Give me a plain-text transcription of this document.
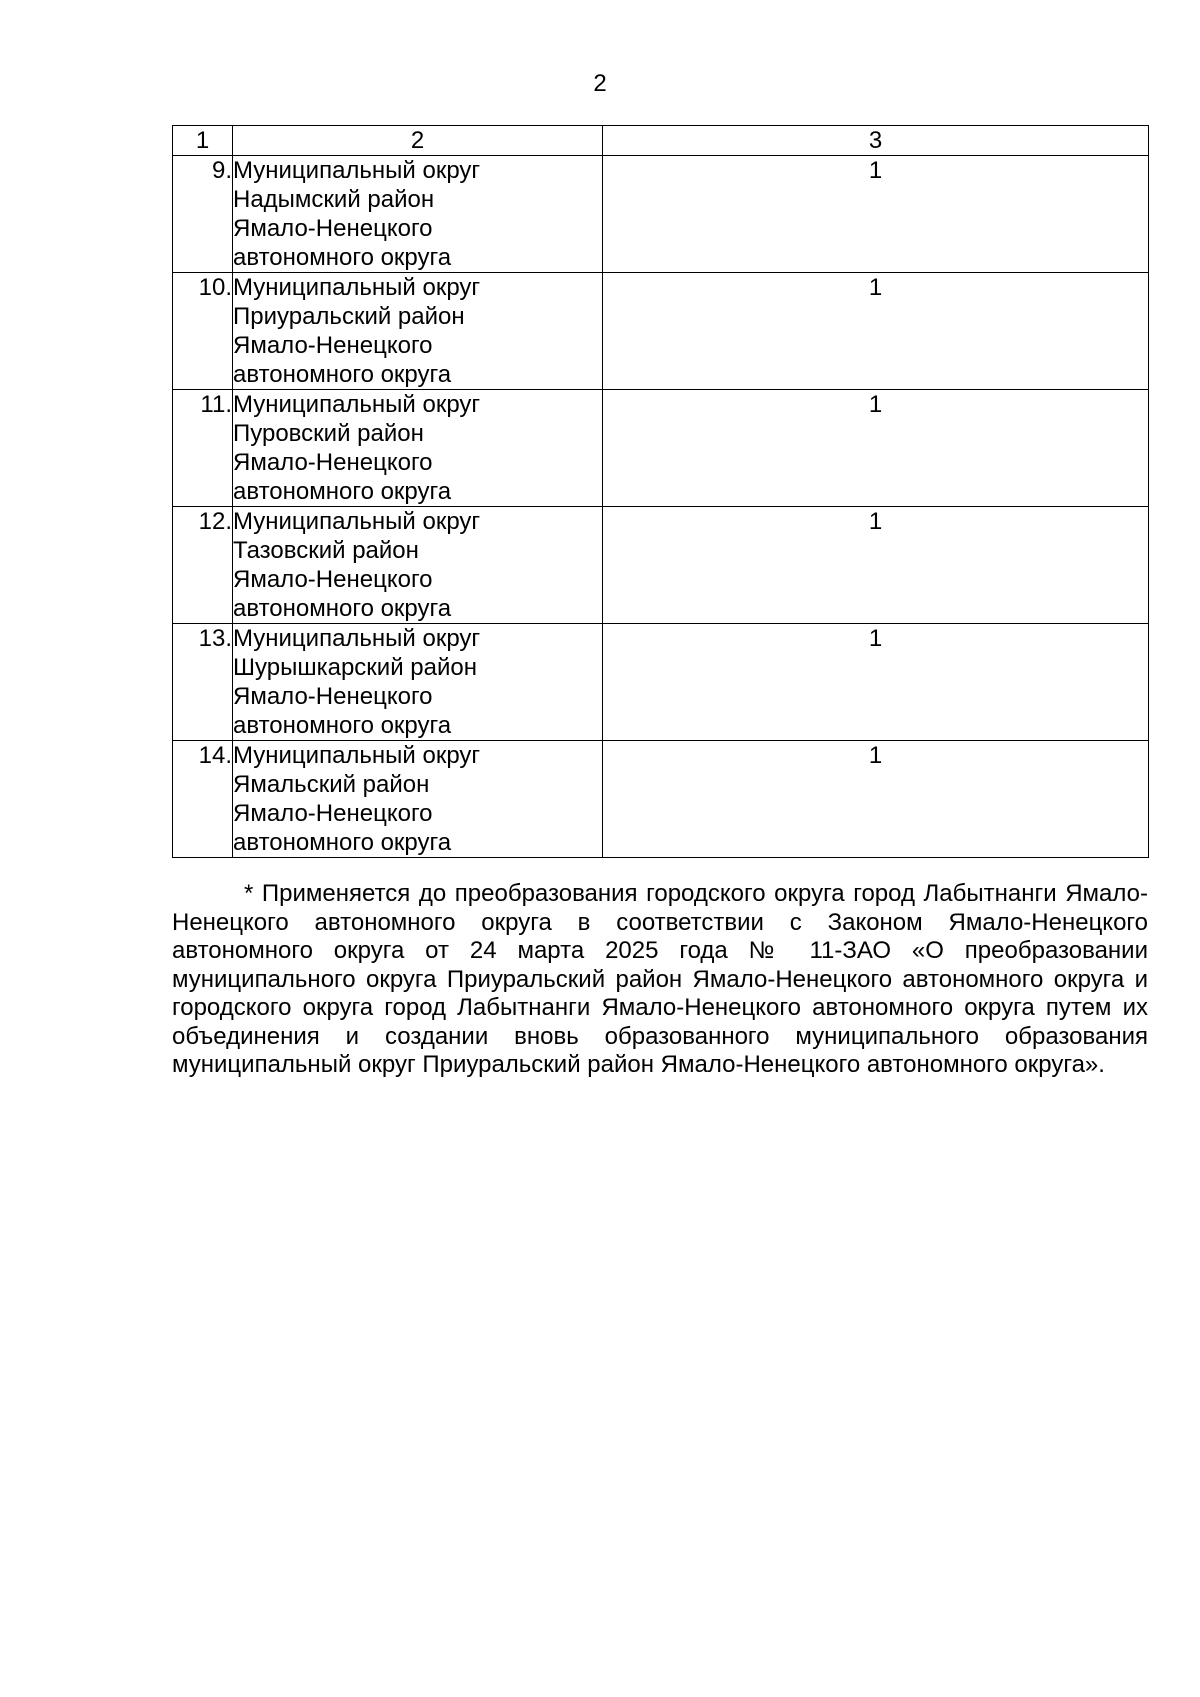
2
1	2	3
9.	Муниципальный округ
Надымский район
Ямало-Ненецкого
автономного округа	1
10.	Муниципальный округ
Приуральский район
Ямало-Ненецкого
автономного округа	1
11.	Муниципальный округ
Пуровский район
Ямало-Ненецкого
автономного округа	1
12.	Муниципальный округ
Тазовский район
Ямало-Ненецкого
автономного округа	1
13.	Муниципальный округ
Шурышкарский район
Ямало-Ненецкого
автономного округа	1
14.	Муниципальный округ
Ямальский район
Ямало-Ненецкого
автономного округа	1

* Применяется до преобразования городского округа город Лабытнанги Ямало-Ненецкого автономного округа в соответствии с Законом Ямало-Ненецкого автономного округа от 24 марта 2025 года № 11-ЗАО «О преобразовании муниципального округа Приуральский район Ямало-Ненецкого автономного округа и городского округа город Лабытнанги Ямало-Ненецкого автономного округа путем их объединения и создании вновь образованного муниципального образования муниципальный округ Приуральский район Ямало-Ненецкого автономного округа».
